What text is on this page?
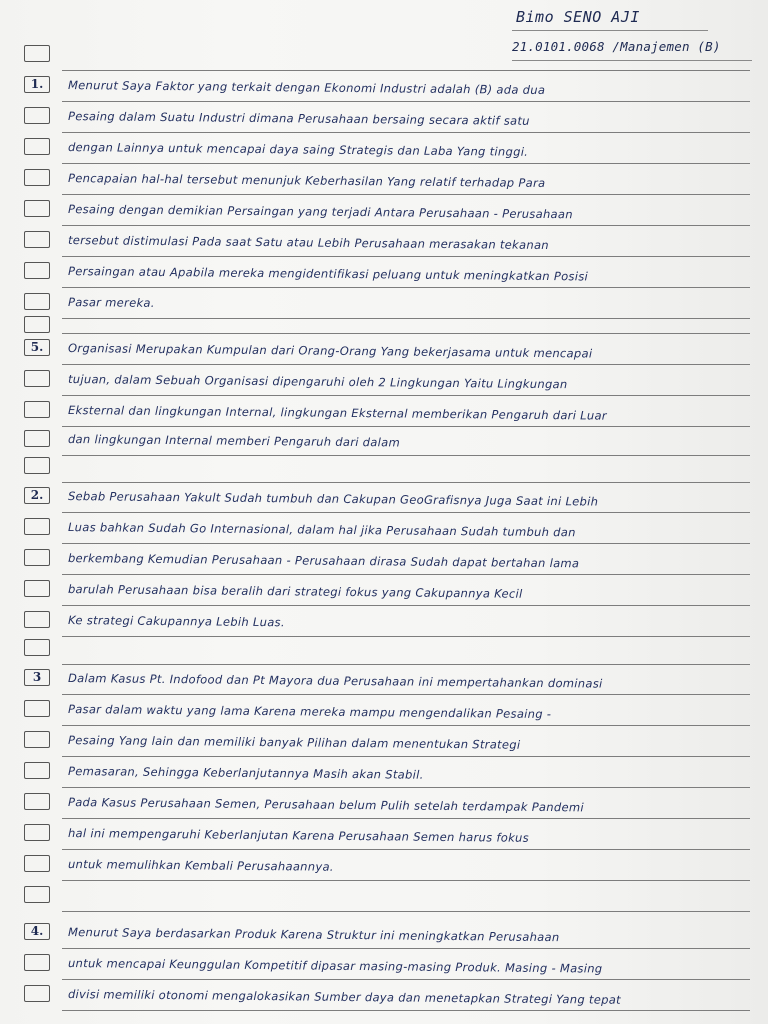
Bimo SENO AJI
21.0101.0068 /Manajemen (B)
1.	Menurut Saya Faktor yang terkait dengan Ekonomi Industri adalah (B) ada dua
Pesaing dalam Suatu Industri dimana Perusahaan bersaing secara aktif satu
dengan Lainnya untuk mencapai daya saing Strategis dan Laba Yang tinggi.
Pencapaian hal-hal tersebut menunjuk Keberhasilan Yang relatif terhadap Para
Pesaing dengan demikian Persaingan yang terjadi Antara Perusahaan - Perusahaan
tersebut distimulasi Pada saat Satu atau Lebih Perusahaan merasakan tekanan
Persaingan atau Apabila mereka mengidentifikasi peluang untuk meningkatkan Posisi
Pasar mereka.
5.	Organisasi Merupakan Kumpulan dari Orang-Orang Yang bekerjasama untuk mencapai
tujuan, dalam Sebuah Organisasi dipengaruhi oleh 2 Lingkungan Yaitu Lingkungan
Eksternal dan lingkungan Internal, lingkungan Eksternal memberikan Pengaruh dari Luar
dan lingkungan Internal memberi Pengaruh dari dalam
2.	Sebab Perusahaan Yakult Sudah tumbuh dan Cakupan GeoGrafisnya Juga Saat ini Lebih
Luas bahkan Sudah Go Internasional, dalam hal jika Perusahaan Sudah tumbuh dan
berkembang Kemudian Perusahaan - Perusahaan dirasa Sudah dapat bertahan lama
barulah Perusahaan bisa beralih dari strategi fokus yang Cakupannya Kecil
Ke strategi Cakupannya Lebih Luas.
3	Dalam Kasus Pt. Indofood dan Pt Mayora dua Perusahaan ini mempertahankan dominasi
Pasar dalam waktu yang lama Karena mereka mampu mengendalikan Pesaing -
Pesaing Yang lain dan memiliki banyak Pilihan dalam menentukan Strategi
Pemasaran, Sehingga Keberlanjutannya Masih akan Stabil.
Pada Kasus Perusahaan Semen, Perusahaan belum Pulih setelah terdampak Pandemi
hal ini mempengaruhi Keberlanjutan Karena Perusahaan Semen harus fokus
untuk memulihkan Kembali Perusahaannya.
4.	Menurut Saya berdasarkan Produk Karena Struktur ini meningkatkan Perusahaan
untuk mencapai Keunggulan Kompetitif dipasar masing-masing Produk. Masing - Masing
divisi memiliki otonomi mengalokasikan Sumber daya dan menetapkan Strategi Yang tepat
